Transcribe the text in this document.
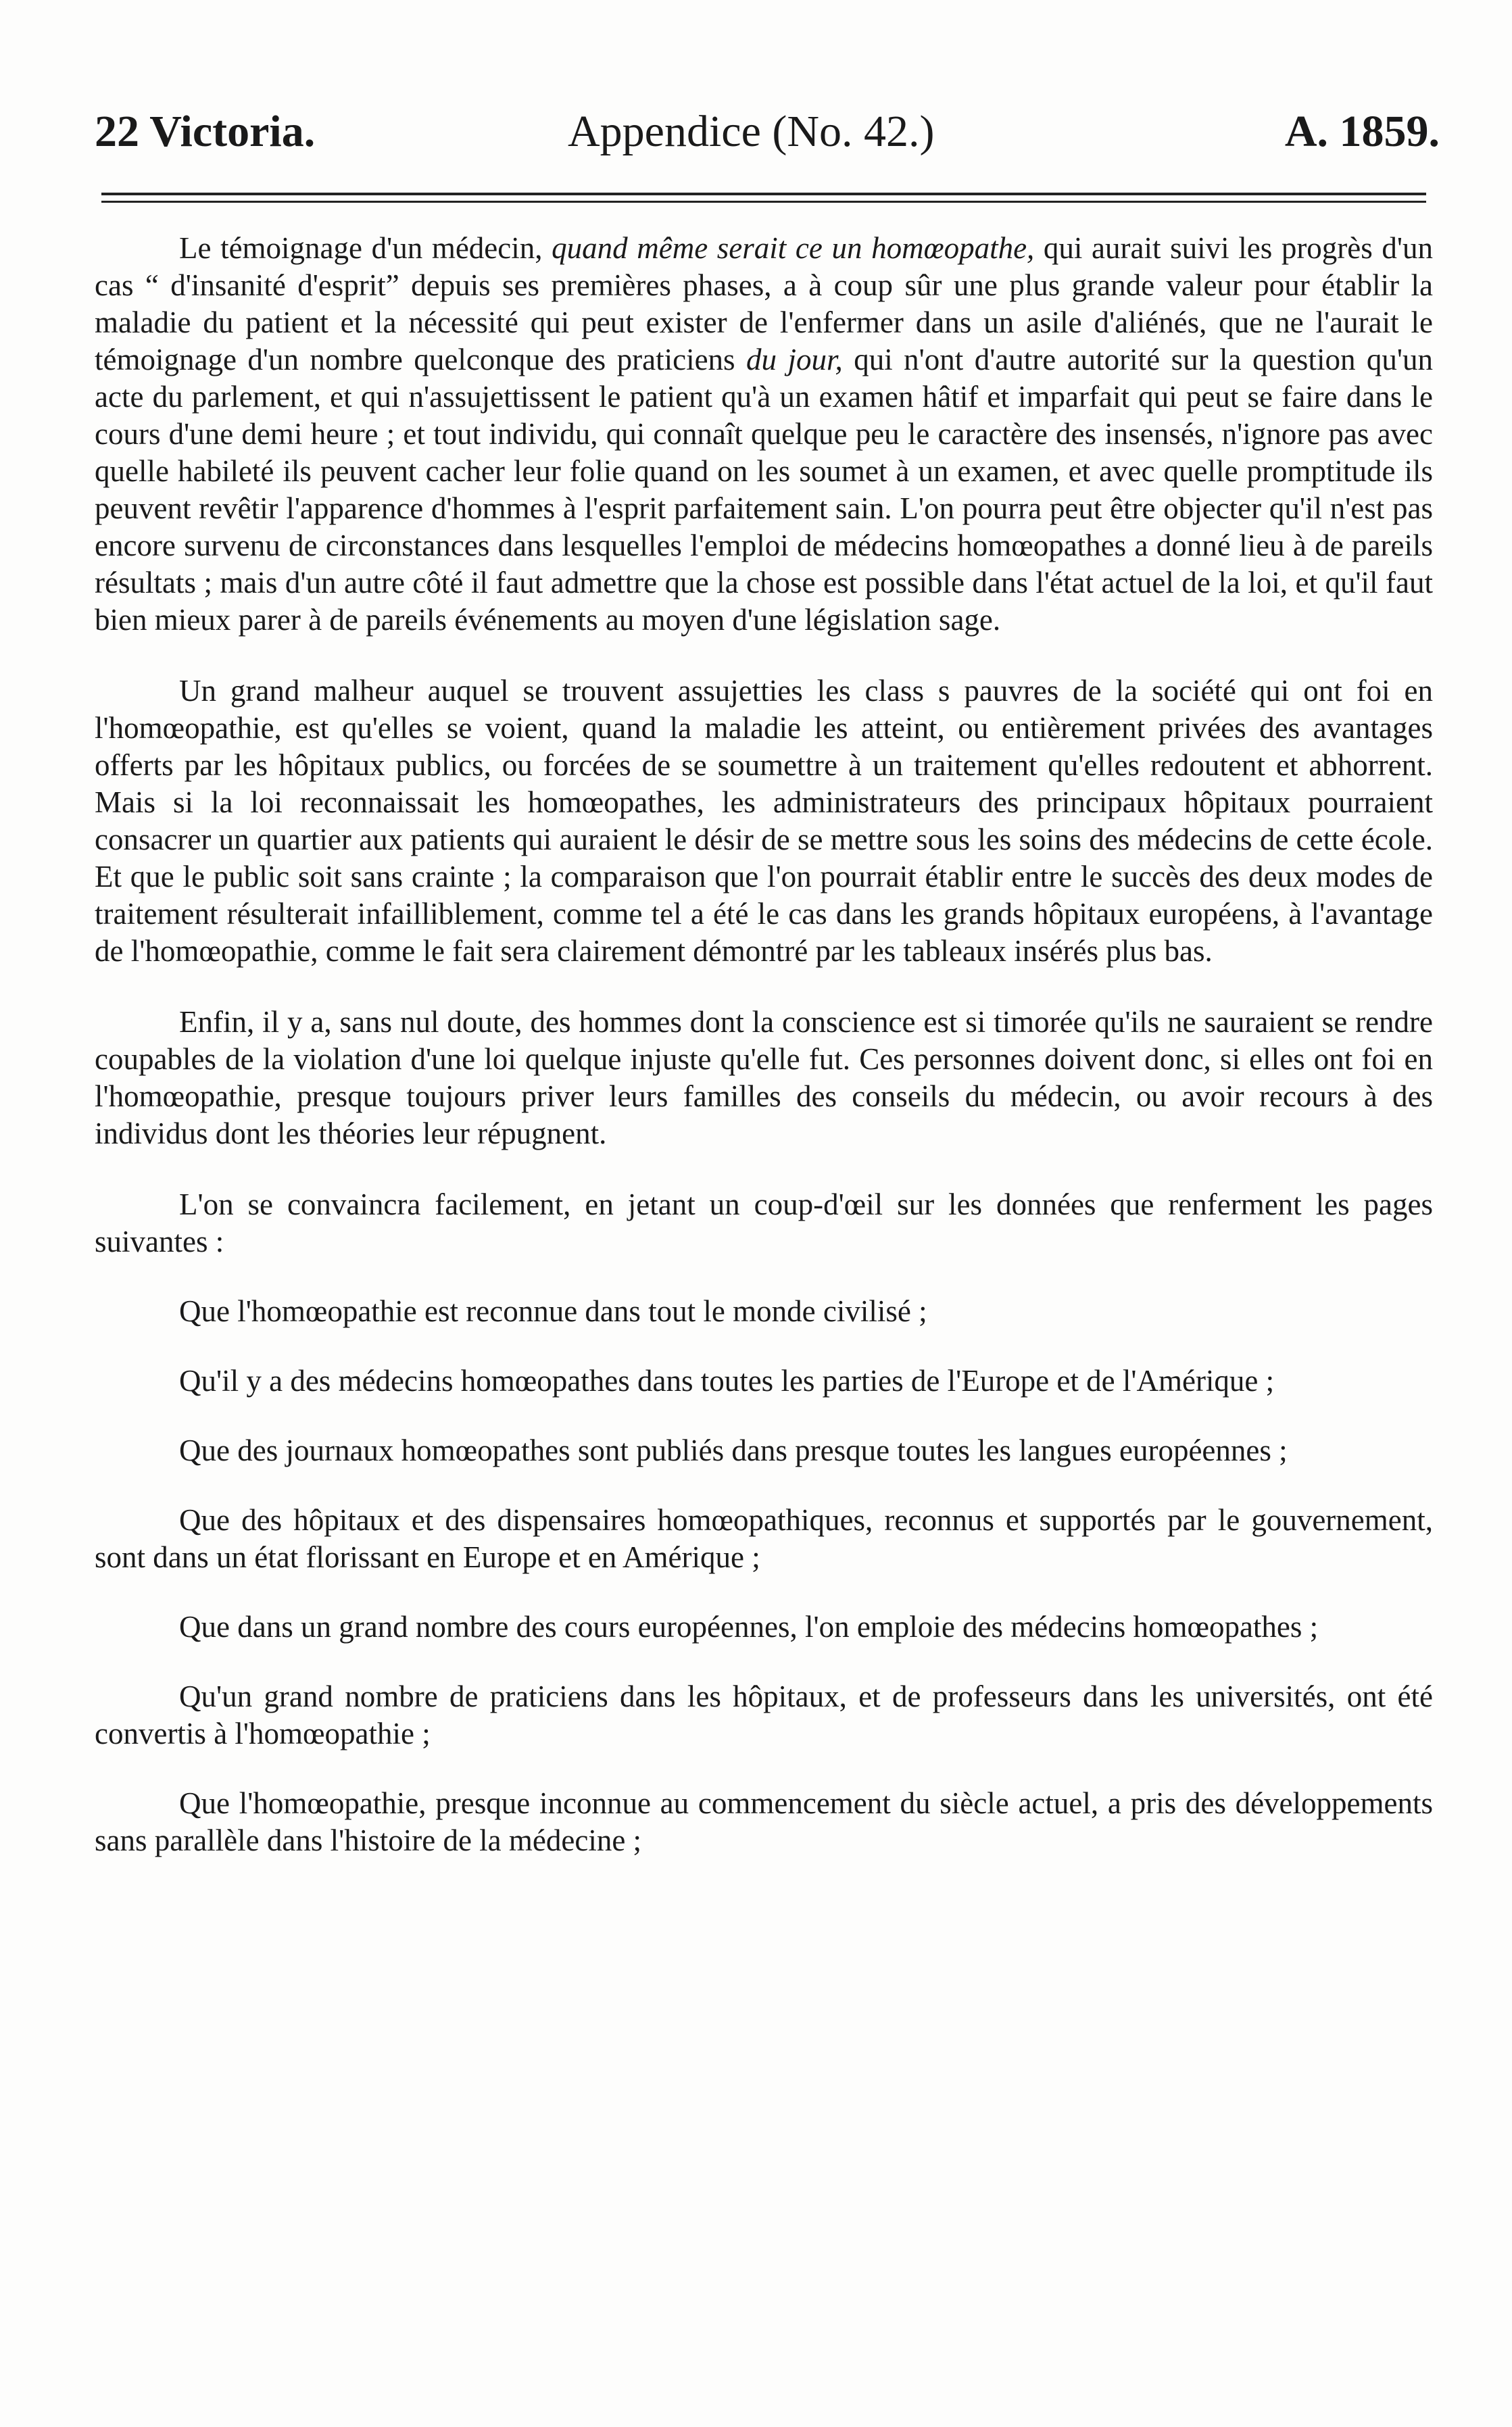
22 Victoria.	Appendice (No. 42.)	A. 1859.

Le témoignage d'un médecin, quand même serait ce un homœopathe, qui aurait suivi les progrès d'un cas “ d'insanité d'esprit” depuis ses premières phases, a à coup sûr une plus grande valeur pour établir la maladie du patient et la nécessité qui peut exister de l'enfermer dans un asile d'aliénés, que ne l'aurait le témoignage d'un nombre quelconque des praticiens du jour, qui n'ont d'autre autorité sur la question qu'un acte du parlement, et qui n'assujettissent le patient qu'à un examen hâtif et imparfait qui peut se faire dans le cours d'une demi heure ; et tout individu, qui connaît quelque peu le caractère des insensés, n'ignore pas avec quelle habileté ils peuvent cacher leur folie quand on les soumet à un examen, et avec quelle promptitude ils peuvent revêtir l'apparence d'hommes à l'esprit parfaitement sain. L'on pourra peut être objecter qu'il n'est pas encore survenu de circonstances dans lesquelles l'emploi de médecins homœopathes a donné lieu à de pareils résultats ; mais d'un autre côté il faut admettre que la chose est possible dans l'état actuel de la loi, et qu'il faut bien mieux parer à de pareils événements au moyen d'une législation sage.

Un grand malheur auquel se trouvent assujetties les class s pauvres de la société qui ont foi en l'homœopathie, est qu'elles se voient, quand la maladie les atteint, ou entièrement privées des avantages offerts par les hôpitaux publics, ou forcées de se soumettre à un traitement qu'elles redoutent et abhorrent. Mais si la loi reconnaissait les homœopathes, les administrateurs des principaux hôpitaux pourraient consacrer un quartier aux patients qui auraient le désir de se mettre sous les soins des médecins de cette école. Et que le public soit sans crainte ; la comparaison que l'on pourrait établir entre le succès des deux modes de traitement résulterait infailliblement, comme tel a été le cas dans les grands hôpitaux européens, à l'avantage de l'homœopathie, comme le fait sera clairement démontré par les tableaux insérés plus bas.

Enfin, il y a, sans nul doute, des hommes dont la conscience est si timorée qu'ils ne sauraient se rendre coupables de la violation d'une loi quelque injuste qu'elle fut. Ces personnes doivent donc, si elles ont foi en l'homœopathie, presque toujours priver leurs familles des conseils du médecin, ou avoir recours à des individus dont les théories leur répugnent.

L'on se convaincra facilement, en jetant un coup-d'œil sur les données que renferment les pages suivantes :

Que l'homœopathie est reconnue dans tout le monde civilisé ;

Qu'il y a des médecins homœopathes dans toutes les parties de l'Europe et de l'Amérique ;

Que des journaux homœopathes sont publiés dans presque toutes les langues européennes ;

Que des hôpitaux et des dispensaires homœopathiques, reconnus et supportés par le gouvernement, sont dans un état florissant en Europe et en Amérique ;

Que dans un grand nombre des cours européennes, l'on emploie des médecins homœopathes ;

Qu'un grand nombre de praticiens dans les hôpitaux, et de professeurs dans les universités, ont été convertis à l'homœopathie ;

Que l'homœopathie, presque inconnue au commencement du siècle actuel, a pris des développements sans parallèle dans l'histoire de la médecine ;
